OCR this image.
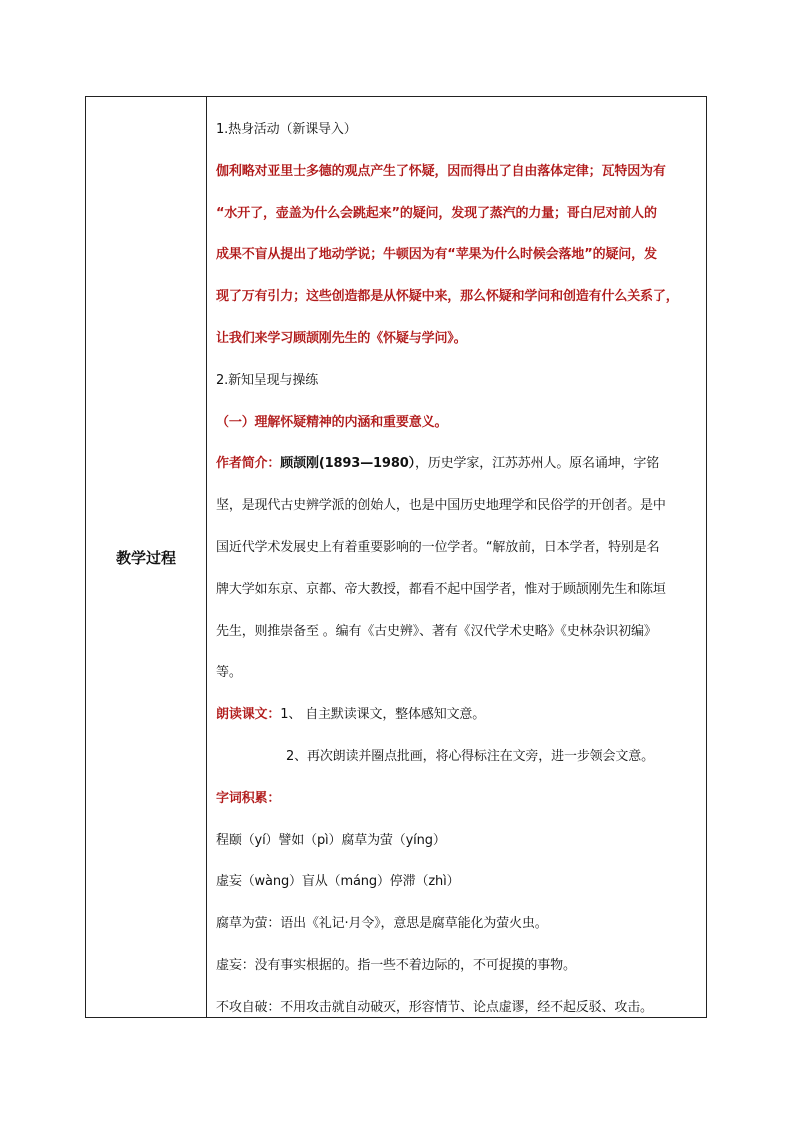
教学过程

1.热身活动（新课导入）

伽利略对亚里士多德的观点产生了怀疑，因而得出了自由落体定律；瓦特因为有

“水开了，壶盖为什么会跳起来”的疑问，发现了蒸汽的力量；哥白尼对前人的

成果不盲从提出了地动学说；牛顿因为有“苹果为什么时候会落地”的疑问，发

现了万有引力；这些创造都是从怀疑中来，那么怀疑和学问和创造有什么关系了，

让我们来学习顾颉刚先生的《怀疑与学问》。

2.新知呈现与操练

（一）理解怀疑精神的内涵和重要意义。

作者简介：顾颉刚(1893—1980），历史学家，江苏苏州人。原名诵坤，字铭

坚，是现代古史辨学派的创始人，也是中国历史地理学和民俗学的开创者。是中

国近代学术发展史上有着重要影响的一位学者。“解放前，日本学者，特别是名

牌大学如东京、京都、帝大教授，都看不起中国学者，惟对于顾颉刚先生和陈垣

先生，则推崇备至 。编有《古史辨》、著有《汉代学术史略》《史林杂识初编》

等。

朗读课文：1、 自主默读课文，整体感知文意。

2、再次朗读并圈点批画，将心得标注在文旁，进一步领会文意。

字词积累：

程颐（yí）譬如（pì）腐草为萤（yíng）

虚妄（wàng）盲从（máng）停滞（zhì）

腐草为萤：语出《礼记·月令》，意思是腐草能化为萤火虫。

虚妄：没有事实根据的。指一些不着边际的，不可捉摸的事物。

不攻自破：不用攻击就自动破灭，形容情节、论点虚谬，经不起反驳、攻击。
